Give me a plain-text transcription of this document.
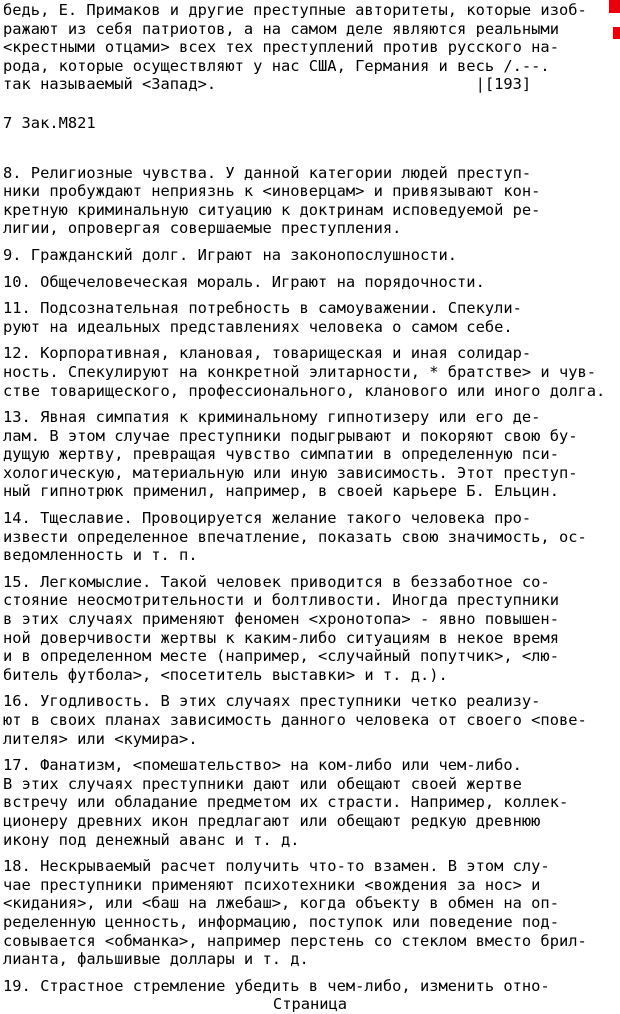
бедь, Е. Примаков и другие преступные авторитеты, которые изоб-
ражают из себя патриотов, а на самом деле являются реальными
<крестными отцами> всех тех преступлений против русского на-
рода, которые осуществляют у нас США, Германия и весь /.--.
так называемый <Запад>.                            |[193]
7 Зак.М821
8. Религиозные чувства. У данной категории людей преступ-
ники пробуждают неприязнь к <иноверцам> и привязывают кон-
кретную криминальную ситуацию к доктринам исповедуемой ре-
лигии, опровергая совершаемые преступления.
9. Гражданский долг. Играют на законопослушности.
10. Общечеловеческая мораль. Играют на порядочности.
11. Подсознательная потребность в самоуважении. Спекули-
руют на идеальных представлениях человека о самом себе.
12. Корпоративная, клановая, товарищеская и иная солидар-
ность. Спекулируют на конкретной элитарности, * братстве> и чув-
стве товарищеского, профессионального, кланового или иного долга.
13. Явная симпатия к криминальному гипнотизеру или его де-
лам. В этом случае преступники подыгрывают и покоряют свою бу-
дущую жертву, превращая чувство симпатии в определенную пси-
хологическую, материальную или иную зависимость. Этот преступ-
ный гипнотрюк применил, например, в своей карьере Б. Ельцин.
14. Тщеславие. Провоцируется желание такого человека про-
извести определенное впечатление, показать свою значимость, ос-
ведомленность и т. п.
15. Легкомыслие. Такой человек приводится в беззаботное со-
стояние неосмотрительности и болтливости. Иногда преступники
в этих случаях применяют феномен <хронотопа> - явно повышен-
ной доверчивости жертвы к каким-либо ситуациям в некое время
и в определенном месте (например, <случайный попутчик>, <лю-
битель футбола>, <посетитель выставки> и т. д.).
16. Угодливость. В этих случаях преступники четко реализу-
ют в своих планах зависимость данного человека от своего <пове-
лителя> или <кумира>.
17. Фанатизм, <помешательство> на ком-либо или чем-либо.
В этих случаях преступники дают или обещают своей жертве
встречу или обладание предметом их страсти. Например, коллек-
ционеру древних икон предлагают или обещают редкую древнюю
икону под денежный аванс и т. д.
18. Нескрываемый расчет получить что-то взамен. В этом слу-
чае преступники применяют психотехники <вождения за нос> и
<кидания>, или <баш на лжебаш>, когда объекту в обмен на оп-
ределенную ценность, информацию, поступок или поведение под-
совывается <обманка>, например перстень со стеклом вместо брил-
лианта, фальшивые доллары и т. д.
19. Страстное стремление убедить в чем-либо, изменить отно-
Страница
